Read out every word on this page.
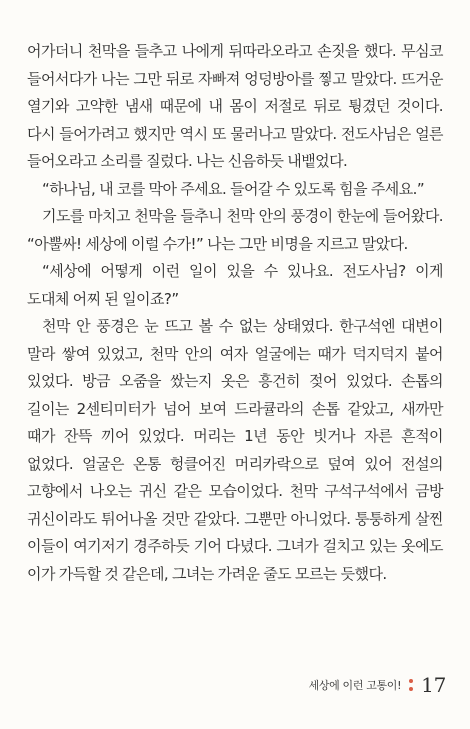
어가더니 천막을 들추고 나에게 뒤따라오라고 손짓을 했다. 무심코 들어서다가 나는 그만 뒤로 자빠져 엉덩방아를 찧고 말았다. 뜨거운 열기와 고약한 냄새 때문에 내 몸이 저절로 뒤로 튕겼던 것이다. 다시 들어가려고 했지만 역시 또 물러나고 말았다. 전도사님은 얼른 들어오라고 소리를 질렀다. 나는 신음하듯 내뱉었다.

“하나님, 내 코를 막아 주세요. 들어갈 수 있도록 힘을 주세요.”

기도를 마치고 천막을 들추니 천막 안의 풍경이 한눈에 들어왔다. “아뿔싸! 세상에 이럴 수가!” 나는 그만 비명을 지르고 말았다.

“세상에 어떻게 이런 일이 있을 수 있나요. 전도사님? 이게 도대체 어찌 된 일이죠?”

천막 안 풍경은 눈 뜨고 볼 수 없는 상태였다. 한구석엔 대변이 말라 쌓여 있었고, 천막 안의 여자 얼굴에는 때가 덕지덕지 붙어 있었다. 방금 오줌을 쌌는지 옷은 흥건히 젖어 있었다. 손톱의 길이는 2센티미터가 넘어 보여 드라큘라의 손톱 같았고, 새까만 때가 잔뜩 끼어 있었다. 머리는 1년 동안 빗거나 자른 흔적이 없었다. 얼굴은 온통 헝클어진 머리카락으로 덮여 있어 전설의 고향에서 나오는 귀신 같은 모습이었다. 천막 구석구석에서 금방 귀신이라도 튀어나올 것만 같았다. 그뿐만 아니었다. 퉁퉁하게 살찐 이들이 여기저기 경주하듯 기어 다녔다. 그녀가 걸치고 있는 옷에도 이가 가득할 것 같은데, 그녀는 가려운 줄도 모르는 듯했다.

세상에 이런 고통이! 17
